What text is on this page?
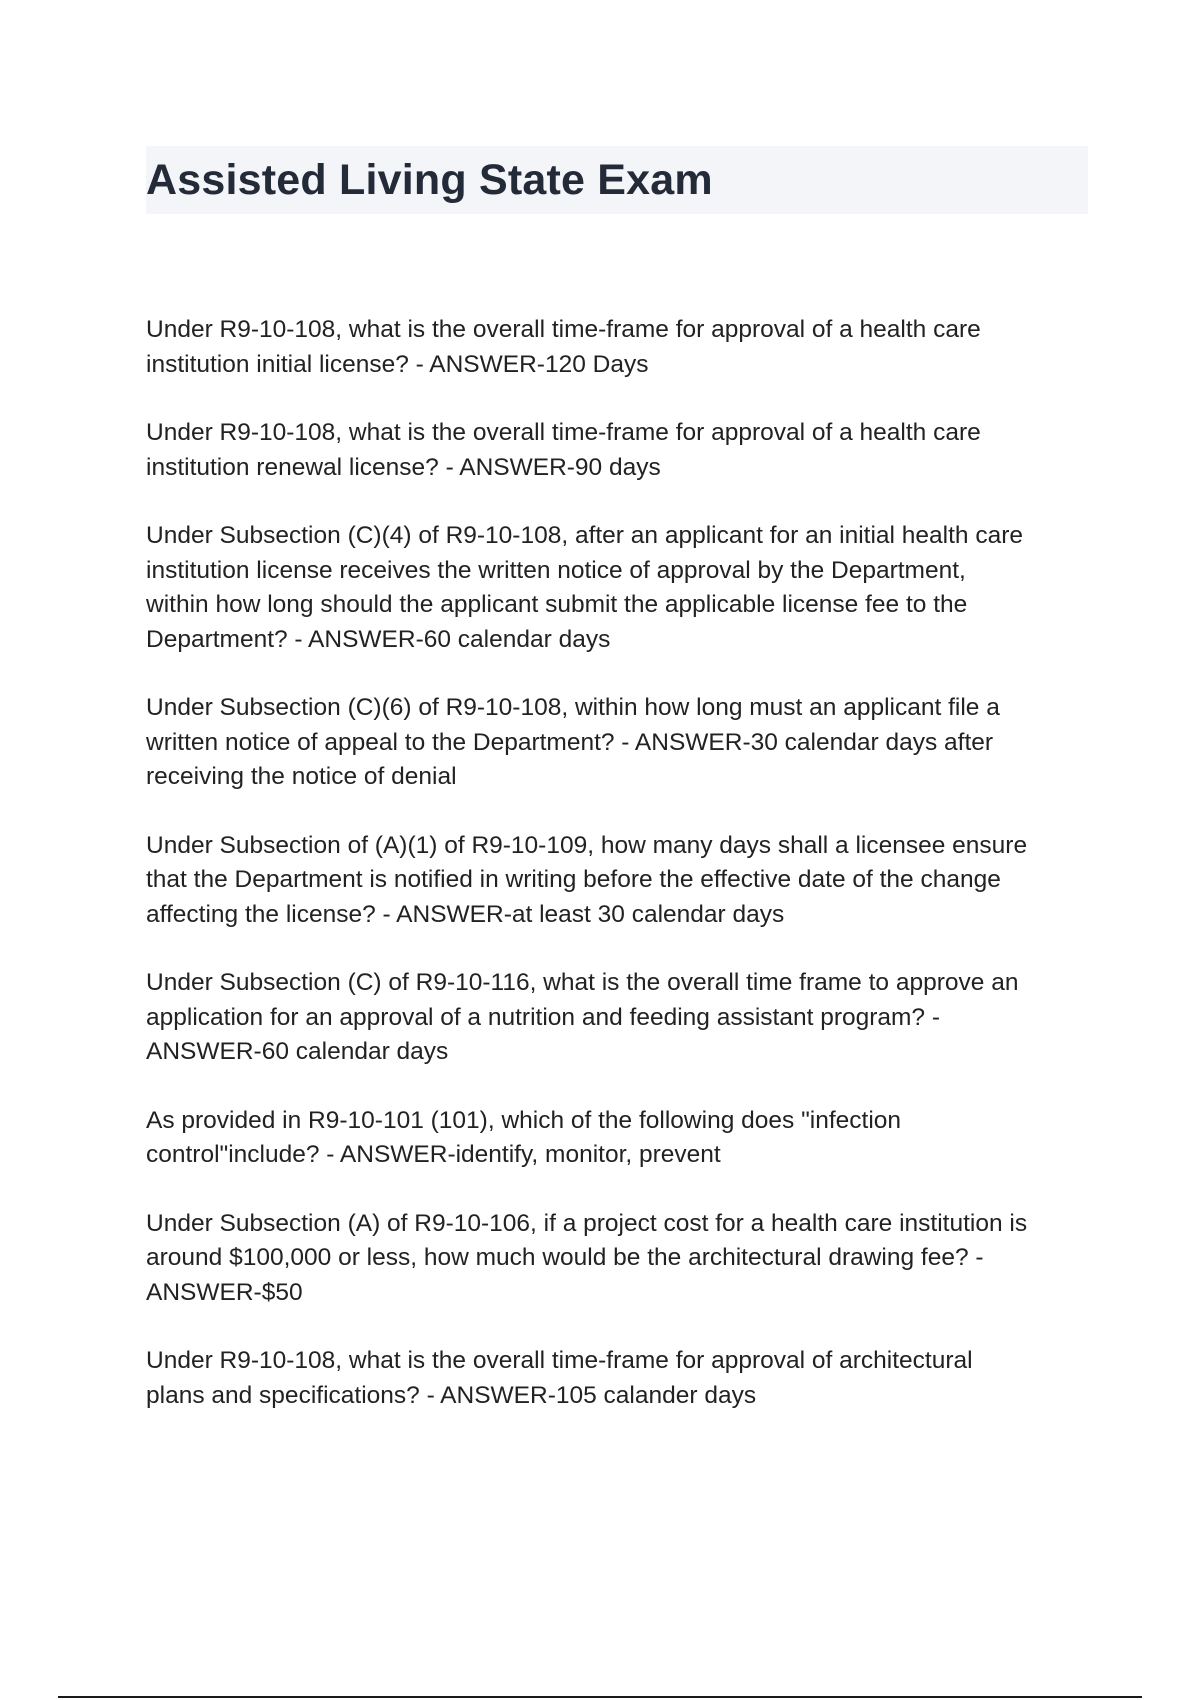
Assisted Living State Exam

Under R9-10-108, what is the overall time-frame for approval of a health care
institution initial license? - ANSWER-120 Days

Under R9-10-108, what is the overall time-frame for approval of a health care
institution renewal license? - ANSWER-90 days

Under Subsection (C)(4) of R9-10-108, after an applicant for an initial health care
institution license receives the written notice of approval by the Department,
within how long should the applicant submit the applicable license fee to the
Department? - ANSWER-60 calendar days

Under Subsection (C)(6) of R9-10-108, within how long must an applicant file a
written notice of appeal to the Department? - ANSWER-30 calendar days after
receiving the notice of denial

Under Subsection of (A)(1) of R9-10-109, how many days shall a licensee ensure
that the Department is notified in writing before the effective date of the change
affecting the license? - ANSWER-at least 30 calendar days

Under Subsection (C) of R9-10-116, what is the overall time frame to approve an
application for an approval of a nutrition and feeding assistant program? -
ANSWER-60 calendar days

As provided in R9-10-101 (101), which of the following does "infection
control"include? - ANSWER-identify, monitor, prevent

Under Subsection (A) of R9-10-106, if a project cost for a health care institution is
around $100,000 or less, how much would be the architectural drawing fee? -
ANSWER-$50

Under R9-10-108, what is the overall time-frame for approval of architectural
plans and specifications? - ANSWER-105 calander days
